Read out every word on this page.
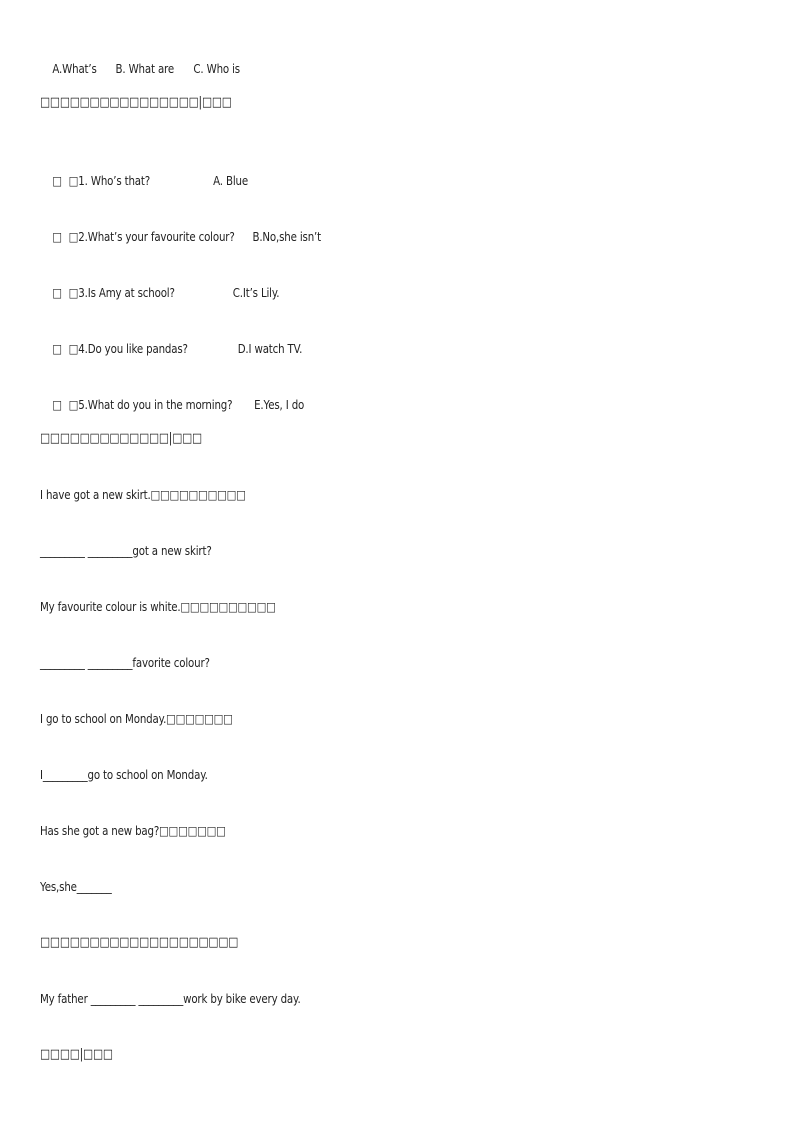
A.What’s B. What are C. Who is

□□□□□□□□□□□□□□□□|□□□

□ □1. Who’s that?	A. Blue

□ □2.What’s your favourite colour? B.No,she isn’t

□ □3.Is Amy at school?	C.It’s Lily.

□ □4.Do you like pandas?	D.I watch TV.

□ □5.What do you in the morning? E.Yes, I do

□□□□□□□□□□□□□|□□□
I have got a new skirt.□□□□□□□□□□
_________ _________got a new skirt?
My favourite colour is white.□□□□□□□□□□
_________ _________favorite colour?
I go to school on Monday.□□□□□□□
I_________go to school on Monday.
Has she got a new bag?□□□□□□□
Yes,she_______
□□□□□□□□□□□□□□□□□□□□
My father _________ _________work by bike every day.
□□□□|□□□
